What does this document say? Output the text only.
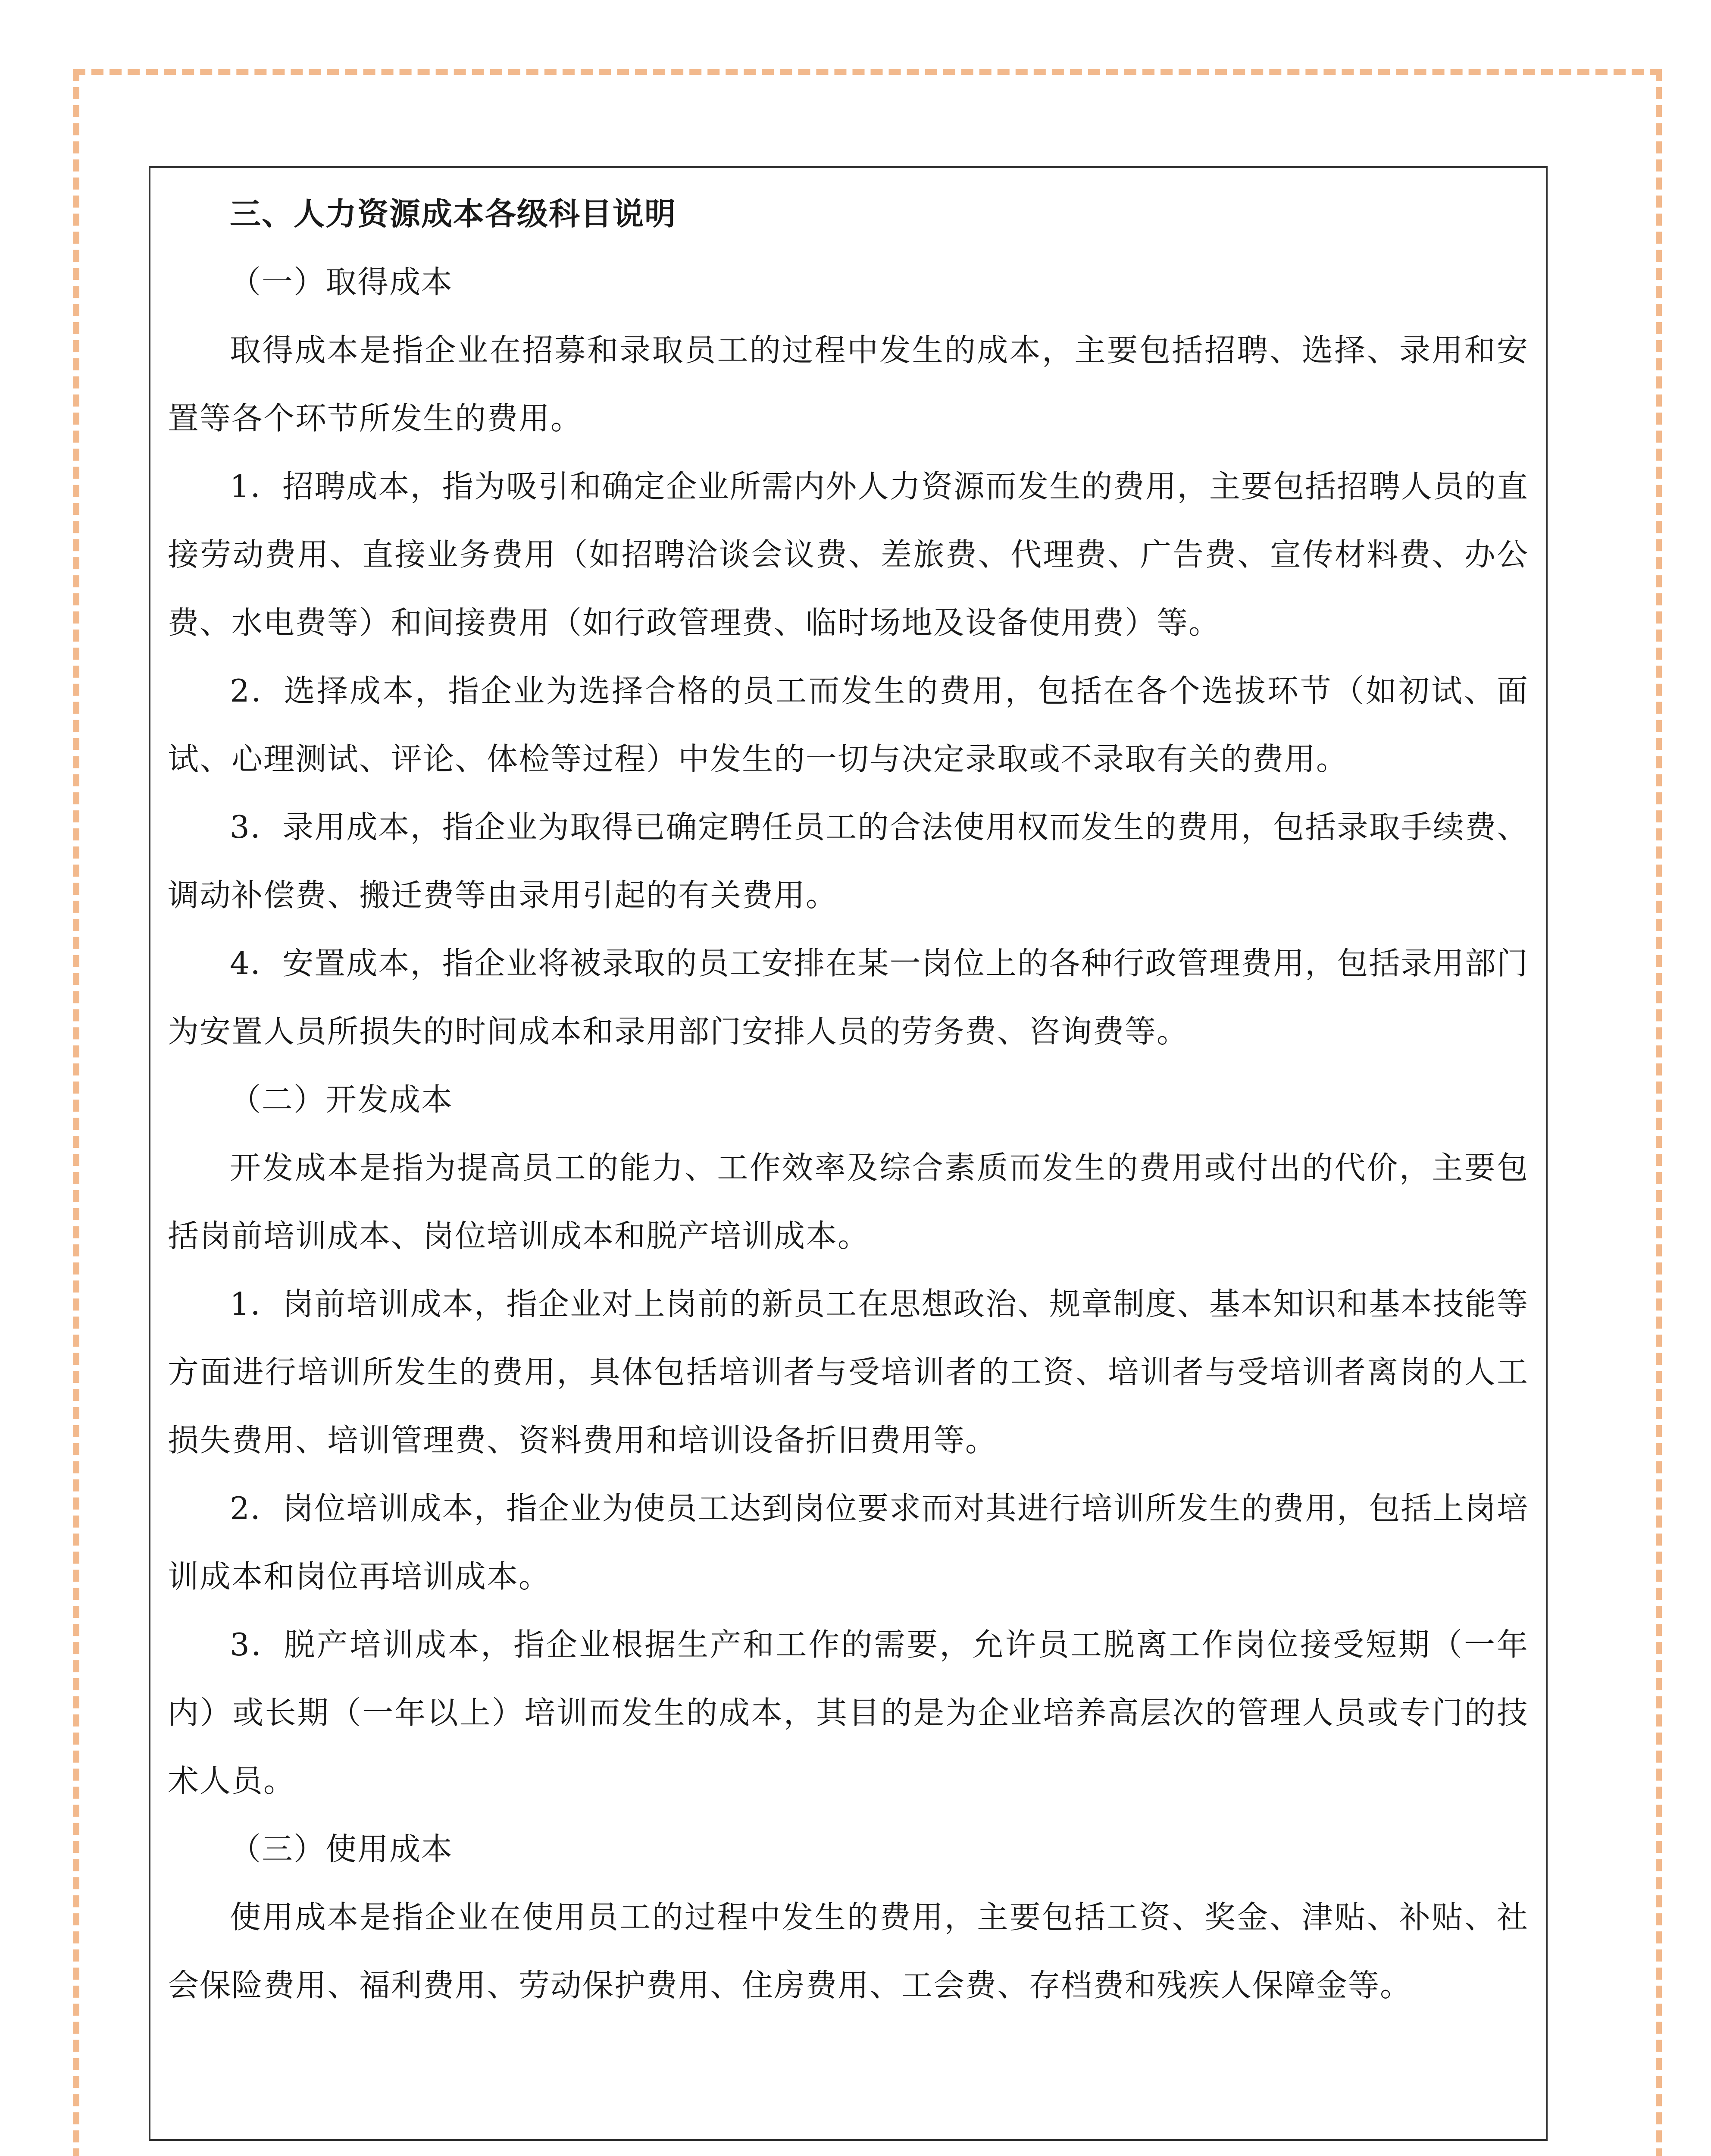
三、人力资源成本各级科目说明

（一）取得成本

取得成本是指企业在招募和录取员工的过程中发生的成本，主要包括招聘、选择、录用和安置等各个环节所发生的费用。

1．招聘成本，指为吸引和确定企业所需内外人力资源而发生的费用，主要包括招聘人员的直接劳动费用、直接业务费用（如招聘洽谈会议费、差旅费、代理费、广告费、宣传材料费、办公费、水电费等）和间接费用（如行政管理费、临时场地及设备使用费）等。

2．选择成本，指企业为选择合格的员工而发生的费用，包括在各个选拔环节（如初试、面试、心理测试、评论、体检等过程）中发生的一切与决定录取或不录取有关的费用。

3．录用成本，指企业为取得已确定聘任员工的合法使用权而发生的费用，包括录取手续费、调动补偿费、搬迁费等由录用引起的有关费用。

4．安置成本，指企业将被录取的员工安排在某一岗位上的各种行政管理费用，包括录用部门为安置人员所损失的时间成本和录用部门安排人员的劳务费、咨询费等。

（二）开发成本

开发成本是指为提高员工的能力、工作效率及综合素质而发生的费用或付出的代价，主要包括岗前培训成本、岗位培训成本和脱产培训成本。

1．岗前培训成本，指企业对上岗前的新员工在思想政治、规章制度、基本知识和基本技能等方面进行培训所发生的费用，具体包括培训者与受培训者的工资、培训者与受培训者离岗的人工损失费用、培训管理费、资料费用和培训设备折旧费用等。

2．岗位培训成本，指企业为使员工达到岗位要求而对其进行培训所发生的费用，包括上岗培训成本和岗位再培训成本。

3．脱产培训成本，指企业根据生产和工作的需要，允许员工脱离工作岗位接受短期（一年内）或长期（一年以上）培训而发生的成本，其目的是为企业培养高层次的管理人员或专门的技术人员。

（三）使用成本

使用成本是指企业在使用员工的过程中发生的费用，主要包括工资、奖金、津贴、补贴、社会保险费用、福利费用、劳动保护费用、住房费用、工会费、存档费和残疾人保障金等。
